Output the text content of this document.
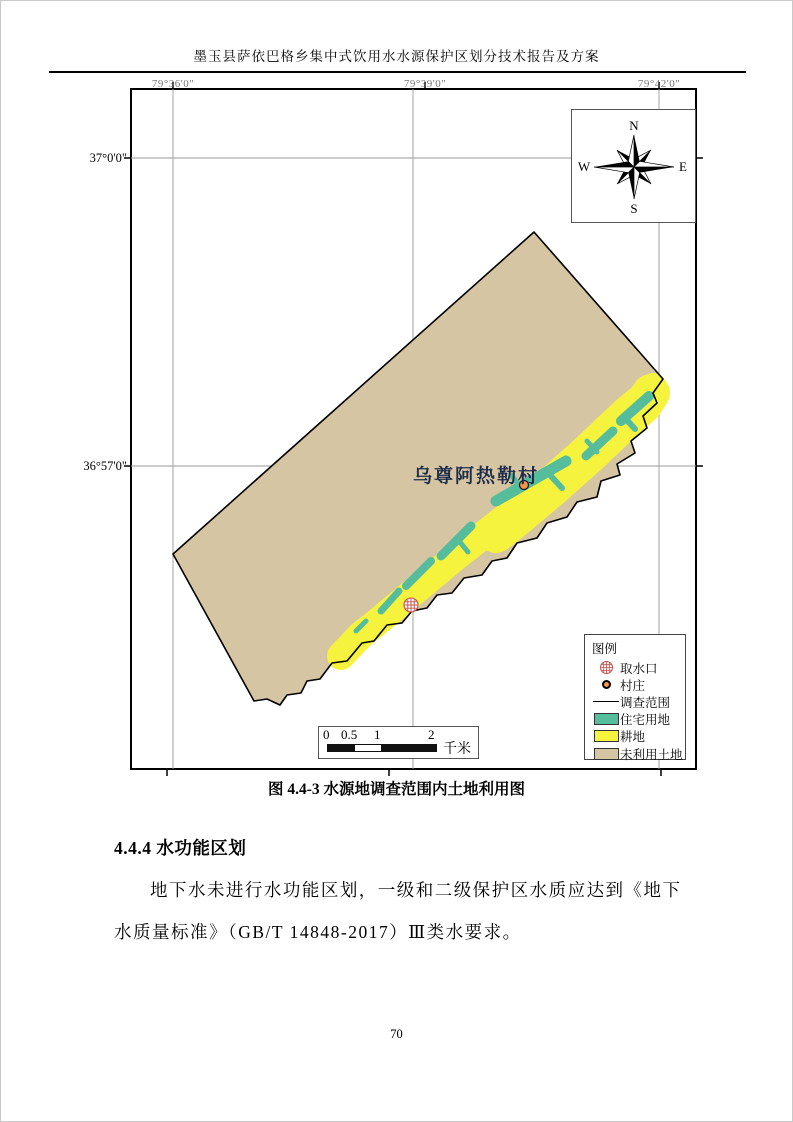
墨玉县萨依巴格乡集中式饮用水水源保护区划分技术报告及方案
乌尊阿热勒村
79°36'0"	79°39'0"	79°42'0"
37°0'0"
36°57'0"
N
S
E
W
图例
取水口
村庄
调查范围
住宅用地
耕地
未利用土地
0 0.5 1	2
千米
图 4.4-3 水源地调查范围内土地利用图
4.4.4 水功能区划
地下水未进行水功能区划，一级和二级保护区水质应达到《地下
水质量标准》（GB/T 14848-2017）Ⅲ类水要求。
70
